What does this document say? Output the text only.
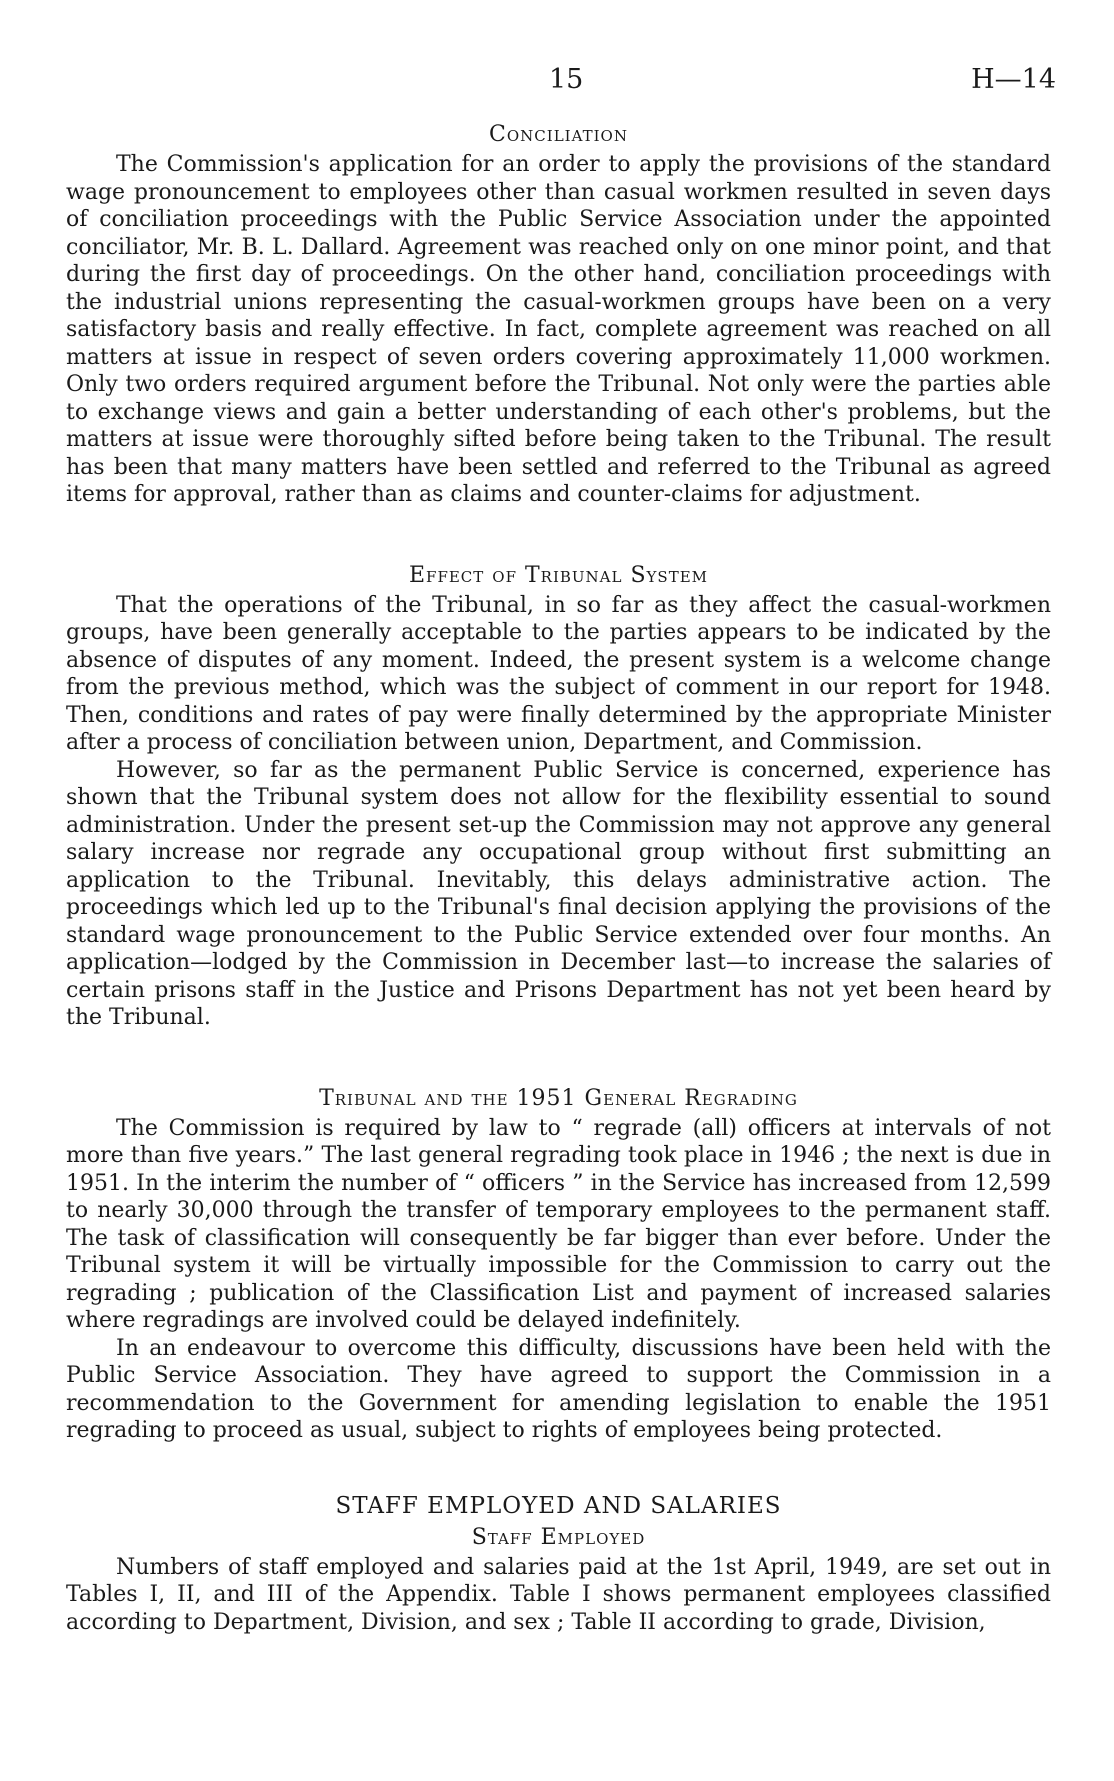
15	H—14
Conciliation

The Commission's application for an order to apply the provisions of the standard wage pronouncement to employees other than casual workmen resulted in seven days of conciliation proceedings with the Public Service Association under the appointed conciliator, Mr. B. L. Dallard. Agreement was reached only on one minor point, and that during the first day of proceedings. On the other hand, conciliation proceedings with the industrial unions representing the casual-workmen groups have been on a very satisfactory basis and really effective. In fact, complete agreement was reached on all matters at issue in respect of seven orders covering approximately 11,000 workmen. Only two orders required argument before the Tribunal. Not only were the parties able to exchange views and gain a better understanding of each other's problems, but the matters at issue were thoroughly sifted before being taken to the Tribunal. The result has been that many matters have been settled and referred to the Tribunal as agreed items for approval, rather than as claims and counter-claims for adjustment.

Effect of Tribunal System

That the operations of the Tribunal, in so far as they affect the casual-workmen groups, have been generally acceptable to the parties appears to be indicated by the absence of disputes of any moment. Indeed, the present system is a welcome change from the previous method, which was the subject of comment in our report for 1948. Then, conditions and rates of pay were finally determined by the appropriate Minister after a process of conciliation between union, Department, and Commission.

However, so far as the permanent Public Service is concerned, experience has shown that the Tribunal system does not allow for the flexibility essential to sound administration. Under the present set-up the Commission may not approve any general salary increase nor regrade any occupational group without first submitting an application to the Tribunal. Inevitably, this delays administrative action. The proceedings which led up to the Tribunal's final decision applying the provisions of the standard wage pronouncement to the Public Service extended over four months. An application—lodged by the Commission in December last—to increase the salaries of certain prisons staff in the Justice and Prisons Department has not yet been heard by the Tribunal.

Tribunal and the 1951 General Regrading

The Commission is required by law to “ regrade (all) officers at intervals of not more than five years.” The last general regrading took place in 1946 ; the next is due in 1951. In the interim the number of “ officers ” in the Service has increased from 12,599 to nearly 30,000 through the transfer of temporary employees to the permanent staff. The task of classification will consequently be far bigger than ever before. Under the Tribunal system it will be virtually impossible for the Commission to carry out the regrading ; publication of the Classification List and payment of increased salaries where regradings are involved could be delayed indefinitely.

In an endeavour to overcome this difficulty, discussions have been held with the Public Service Association. They have agreed to support the Commission in a recommendation to the Government for amending legislation to enable the 1951 regrading to proceed as usual, subject to rights of employees being protected.

STAFF EMPLOYED AND SALARIES
Staff Employed

Numbers of staff employed and salaries paid at the 1st April, 1949, are set out in Tables I, II, and III of the Appendix. Table I shows permanent employees classified according to Department, Division, and sex ; Table II according to grade, Division,
